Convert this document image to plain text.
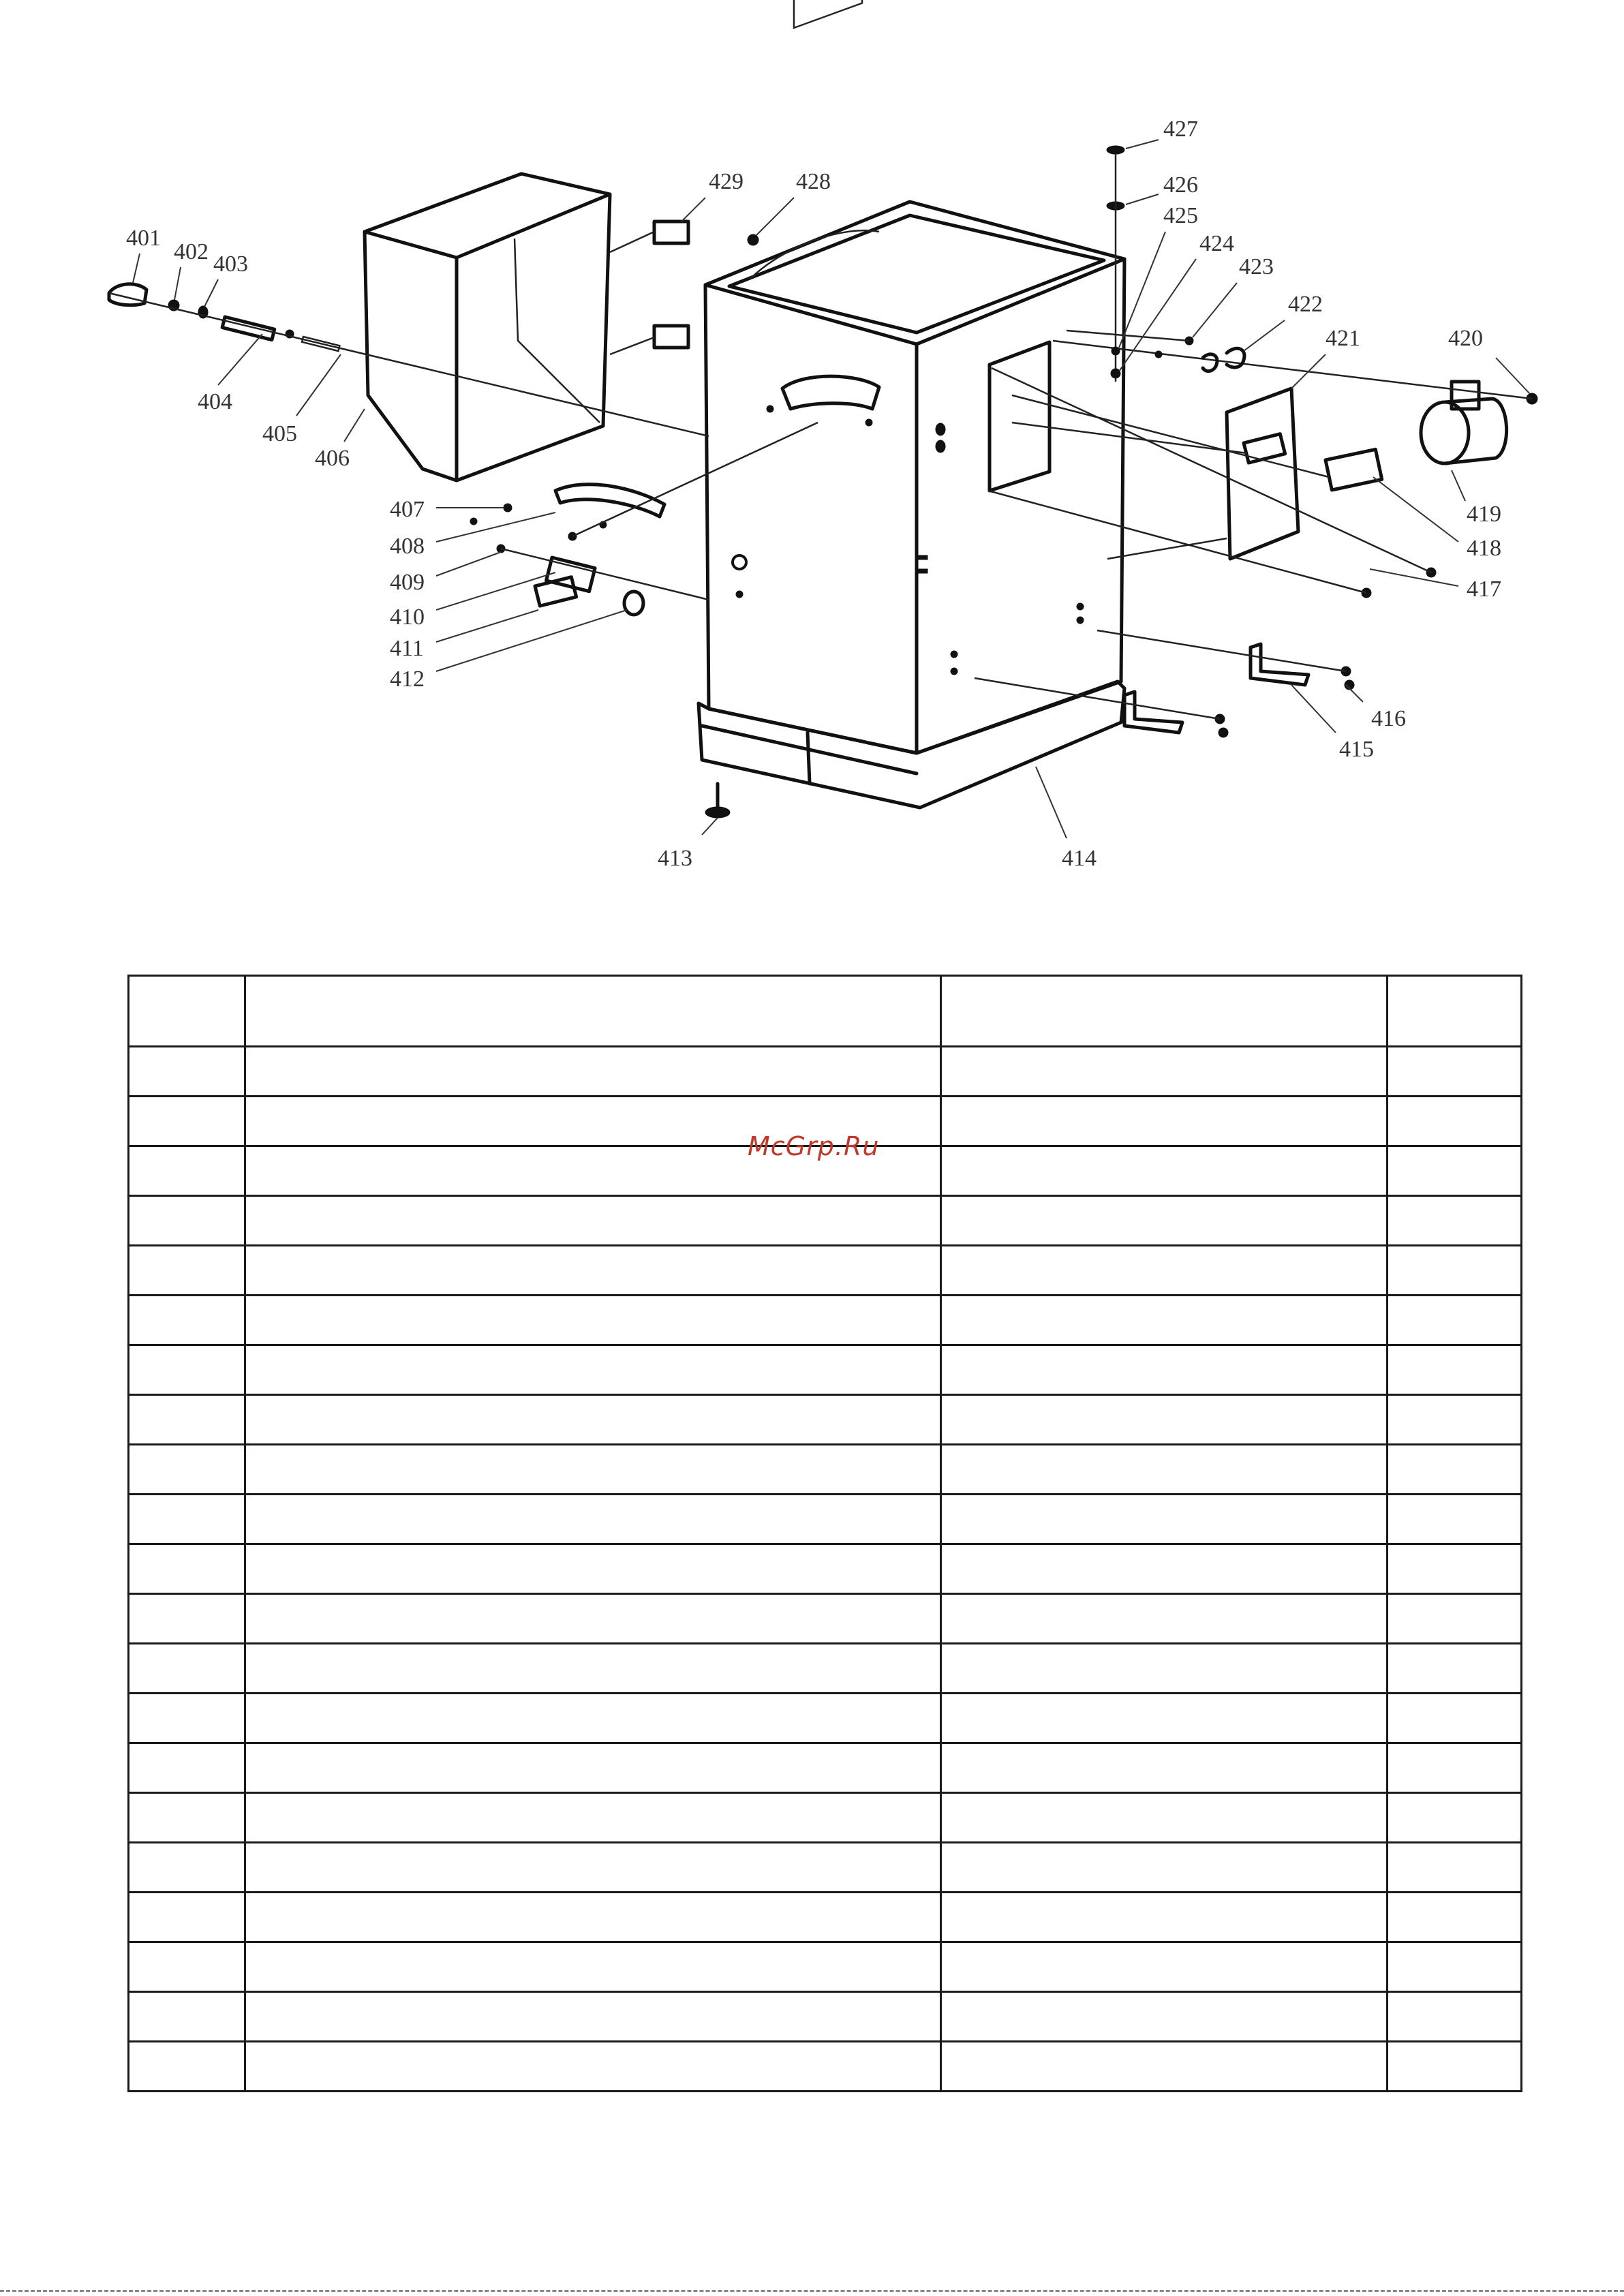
401
402 403
404
405
406
407
408
409
410
411
412
413	414
415
416
417
418
419
420
421
422
423
424
425
426
427
428
429

McGrp.Ru
